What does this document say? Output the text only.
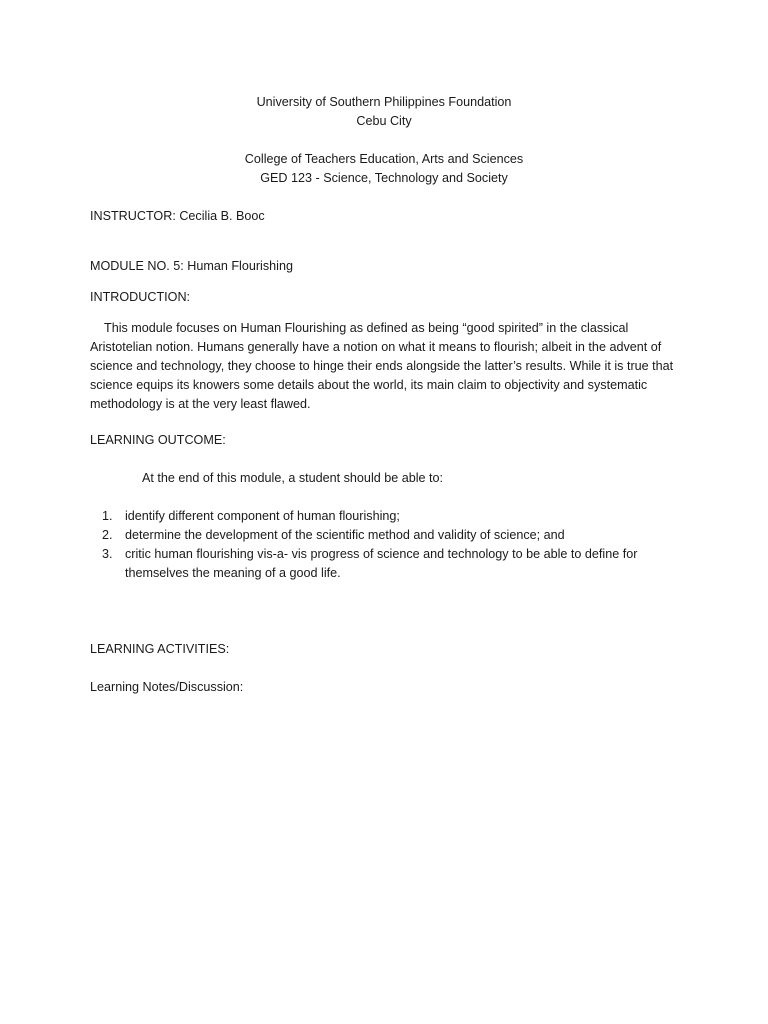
University of Southern Philippines Foundation
Cebu City
College of Teachers Education, Arts and Sciences
GED 123 - Science, Technology and Society
INSTRUCTOR: Cecilia B. Booc
MODULE NO. 5: Human Flourishing
INTRODUCTION:
This module focuses on Human Flourishing as defined as being “good spirited” in the classical Aristotelian notion. Humans generally have a notion on what it means to flourish; albeit in the advent of science and technology, they choose to hinge their ends alongside the latter’s results. While it is true that science equips its knowers some details about the world, its main claim to objectivity and systematic methodology is at the very least flawed.
LEARNING OUTCOME:
At the end of this module, a student should be able to:
1. identify different component of human flourishing;
2. determine the development of the scientific method and validity of science; and
3. critic human flourishing vis-a- vis progress of science and technology to be able to define for themselves the meaning of a good life.
LEARNING ACTIVITIES:
Learning Notes/Discussion:
